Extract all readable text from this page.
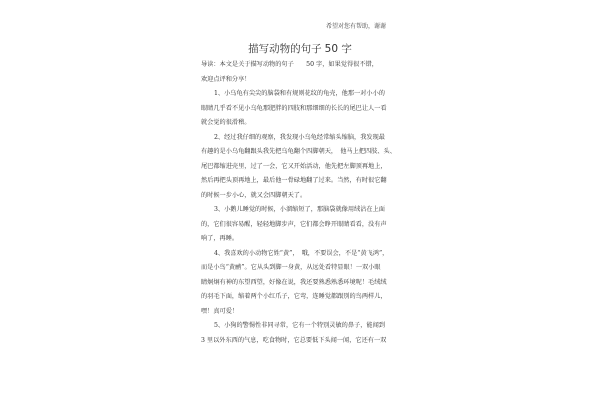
希望对您有帮助，谢谢
描写动物的句子 50 字
导读：本文是关于描写动物的句子　　50 字，如果觉得很不错，
欢迎点评和分享！
1、小乌龟有尖尖的脑袋和有规则花纹的龟壳，他那一对小小的
眼睛几乎看不见小乌龟那肥胖的四肢和那细细的长长的尾巴让人一看
就会觉的很滑稽。
2、经过我仔细的观察，我发现小乌龟经常缩头缩脑，我发现最
有趣的是小乌龟翻跟头我先把乌龟翻个四脚朝天，　他马上把四肢、头、
尾巴都缩进壳里，过了一会，它又开始活动，他先把左脚顶再地上，
然后再把头顶再地上，最后他一骨碌地翻了过来。当然，有时很它翻
的时候一步小心，就又会四脚朝天了。
3、小鹅儿睡觉的时候，小溜缩短了，那脑袋就像用绒沾在上面
的，它们很容易醒，轻轻地脚步声，它们都会睁开眼睛看看，没有声
响了，再睡。
4、我喜欢的小动物它姓“黄”，　哦，不要误会，不是“黄飞鸿”，
而是小鸟“黄鹂”。它从头到脚一身黄，从远处看特显眼！一双小眼
睛炯炯有神的东望西望，好像在说，我还要熟悉熟悉环境呢！毛绒绒
的羽毛下面，缩着两个小红爪子，它弯，连睡觉都跟别的鸟两样儿，
嘿！真可爱！
5、小狗的警惕性非同寻常，它有一个特别灵敏的鼻子，能闻到
3 里以外东西的气息，吃食物时，它总要低下头闻一闻，它还有一双
